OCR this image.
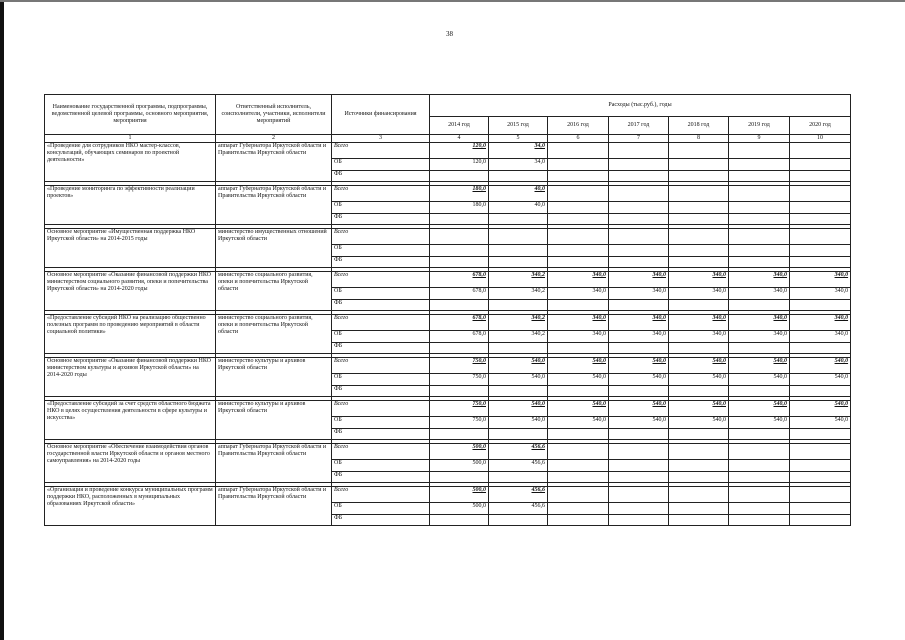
38
Наименование государственной программы, подпрограммы, ведомственной целевой программы, основного мероприятия, мероприятия	Ответственный исполнитель, соисполнители, участники, исполнители мероприятий	Источники финансирования	Расходы (тыс.руб.), годы						
			2014 год	2015 год	2016 год	2017 год	2018 год	2019 год	2020 год
1	2	3	4	5	6	7	8	9	10
«Проведение для сотрудников НКО мастер-классов, консультаций, обучающих семинаров по проектной деятельности»	аппарат Губернатора Иркутской области и Правительства Иркутской области	Всего	120,0	34,0					
		ОБ	120,0	34,0					
		ФБ							

«Проведение мониторинга по эффективности реализации проектов»	аппарат Губернатора Иркутской области и Правительства Иркутской области	Всего	180,0	40,0					
		ОБ	180,0	40,0					
		ФБ							

Основное мероприятие «Имущественная поддержка НКО Иркутской области» на 2014-2015 годы	министерство имущественных отношений Иркутской области	Всего							
		ОБ							
		ФБ							

Основное мероприятие «Оказание финансовой поддержки НКО министерством социального развития, опеки и попечительства Иркутской области» на 2014-2020 годы	министерство социального развития, опеки и попечительства Иркутской области	Всего	678,0	340,2	340,0	340,0	340,0	340,0	340,0
		ОБ	678,0	340,2	340,0	340,0	340,0	340,0	340,0
		ФБ							

«Предоставление субсидий НКО на реализацию общественно полезных программ по проведению мероприятий в области социальной политики»	министерство социального развития, опеки и попечительства Иркутской области	Всего	678,0	340,2	340,0	340,0	340,0	340,0	340,0
		ОБ	678,0	340,2	340,0	340,0	340,0	340,0	340,0
		ФБ							

Основное мероприятие «Оказание финансовой поддержки НКО министерством культуры и архивов Иркутской области» на 2014-2020 годы	министерство культуры и архивов Иркутской области	Всего	750,0	540,0	540,0	540,0	540,0	540,0	540,0
		ОБ	750,0	540,0	540,0	540,0	540,0	540,0	540,0
		ФБ							

«Предоставление субсидий за счет средств областного бюджета НКО в целях осуществления деятельности в сфере культуры и искусства»	министерство культуры и архивов Иркутской области	Всего	750,0	540,0	540,0	540,0	540,0	540,0	540,0
		ОБ	750,0	540,0	540,0	540,0	540,0	540,0	540,0
		ФБ							

Основное мероприятие «Обеспечение взаимодействия органов государственной власти Иркутской области и органов местного самоуправления» на 2014-2020 годы	аппарат Губернатора Иркутской области и Правительства Иркутской области	Всего	500,0	456,6					
		ОБ	500,0	456,6					
		ФБ							

«Организация и проведение конкурса муниципальных программ поддержки НКО, расположенных в муниципальных образованиях Иркутской области»	аппарат Губернатора Иркутской области и Правительства Иркутской области	Всего	500,0	456,6					
		ОБ	500,0	456,6					
		ФБ							
